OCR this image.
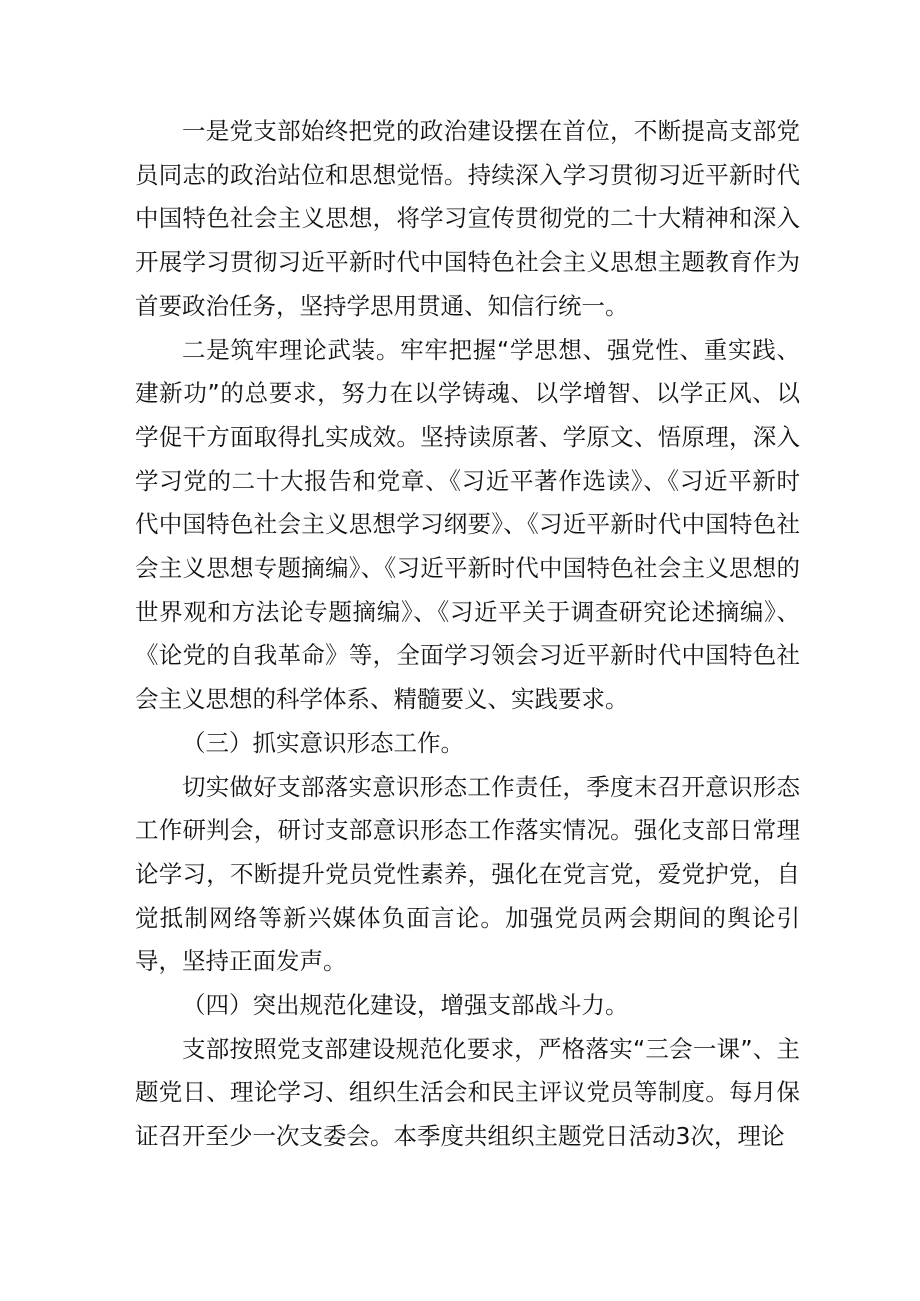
一是党支部始终把党的政治建设摆在首位，不断提高支部党员同志的政治站位和思想觉悟。持续深入学习贯彻习近平新时代中国特色社会主义思想，将学习宣传贯彻党的二十大精神和深入开展学习贯彻习近平新时代中国特色社会主义思想主题教育作为首要政治任务，坚持学思用贯通、知信行统一。

二是筑牢理论武装。牢牢把握“学思想、强党性、重实践、建新功”的总要求，努力在以学铸魂、以学增智、以学正风、以学促干方面取得扎实成效。坚持读原著、学原文、悟原理，深入学习党的二十大报告和党章、《习近平著作选读》、《习近平新时代中国特色社会主义思想学习纲要》、《习近平新时代中国特色社会主义思想专题摘编》、《习近平新时代中国特色社会主义思想的世界观和方法论专题摘编》、《习近平关于调查研究论述摘编》、《论党的自我革命》等，全面学习领会习近平新时代中国特色社会主义思想的科学体系、精髓要义、实践要求。

（三）抓实意识形态工作。

切实做好支部落实意识形态工作责任，季度末召开意识形态工作研判会，研讨支部意识形态工作落实情况。强化支部日常理论学习，不断提升党员党性素养，强化在党言党，爱党护党，自觉抵制网络等新兴媒体负面言论。加强党员两会期间的舆论引导，坚持正面发声。

（四）突出规范化建设，增强支部战斗力。

支部按照党支部建设规范化要求，严格落实“三会一课”、主题党日、理论学习、组织生活会和民主评议党员等制度。每月保证召开至少一次支委会。本季度共组织主题党日活动3次，理论
